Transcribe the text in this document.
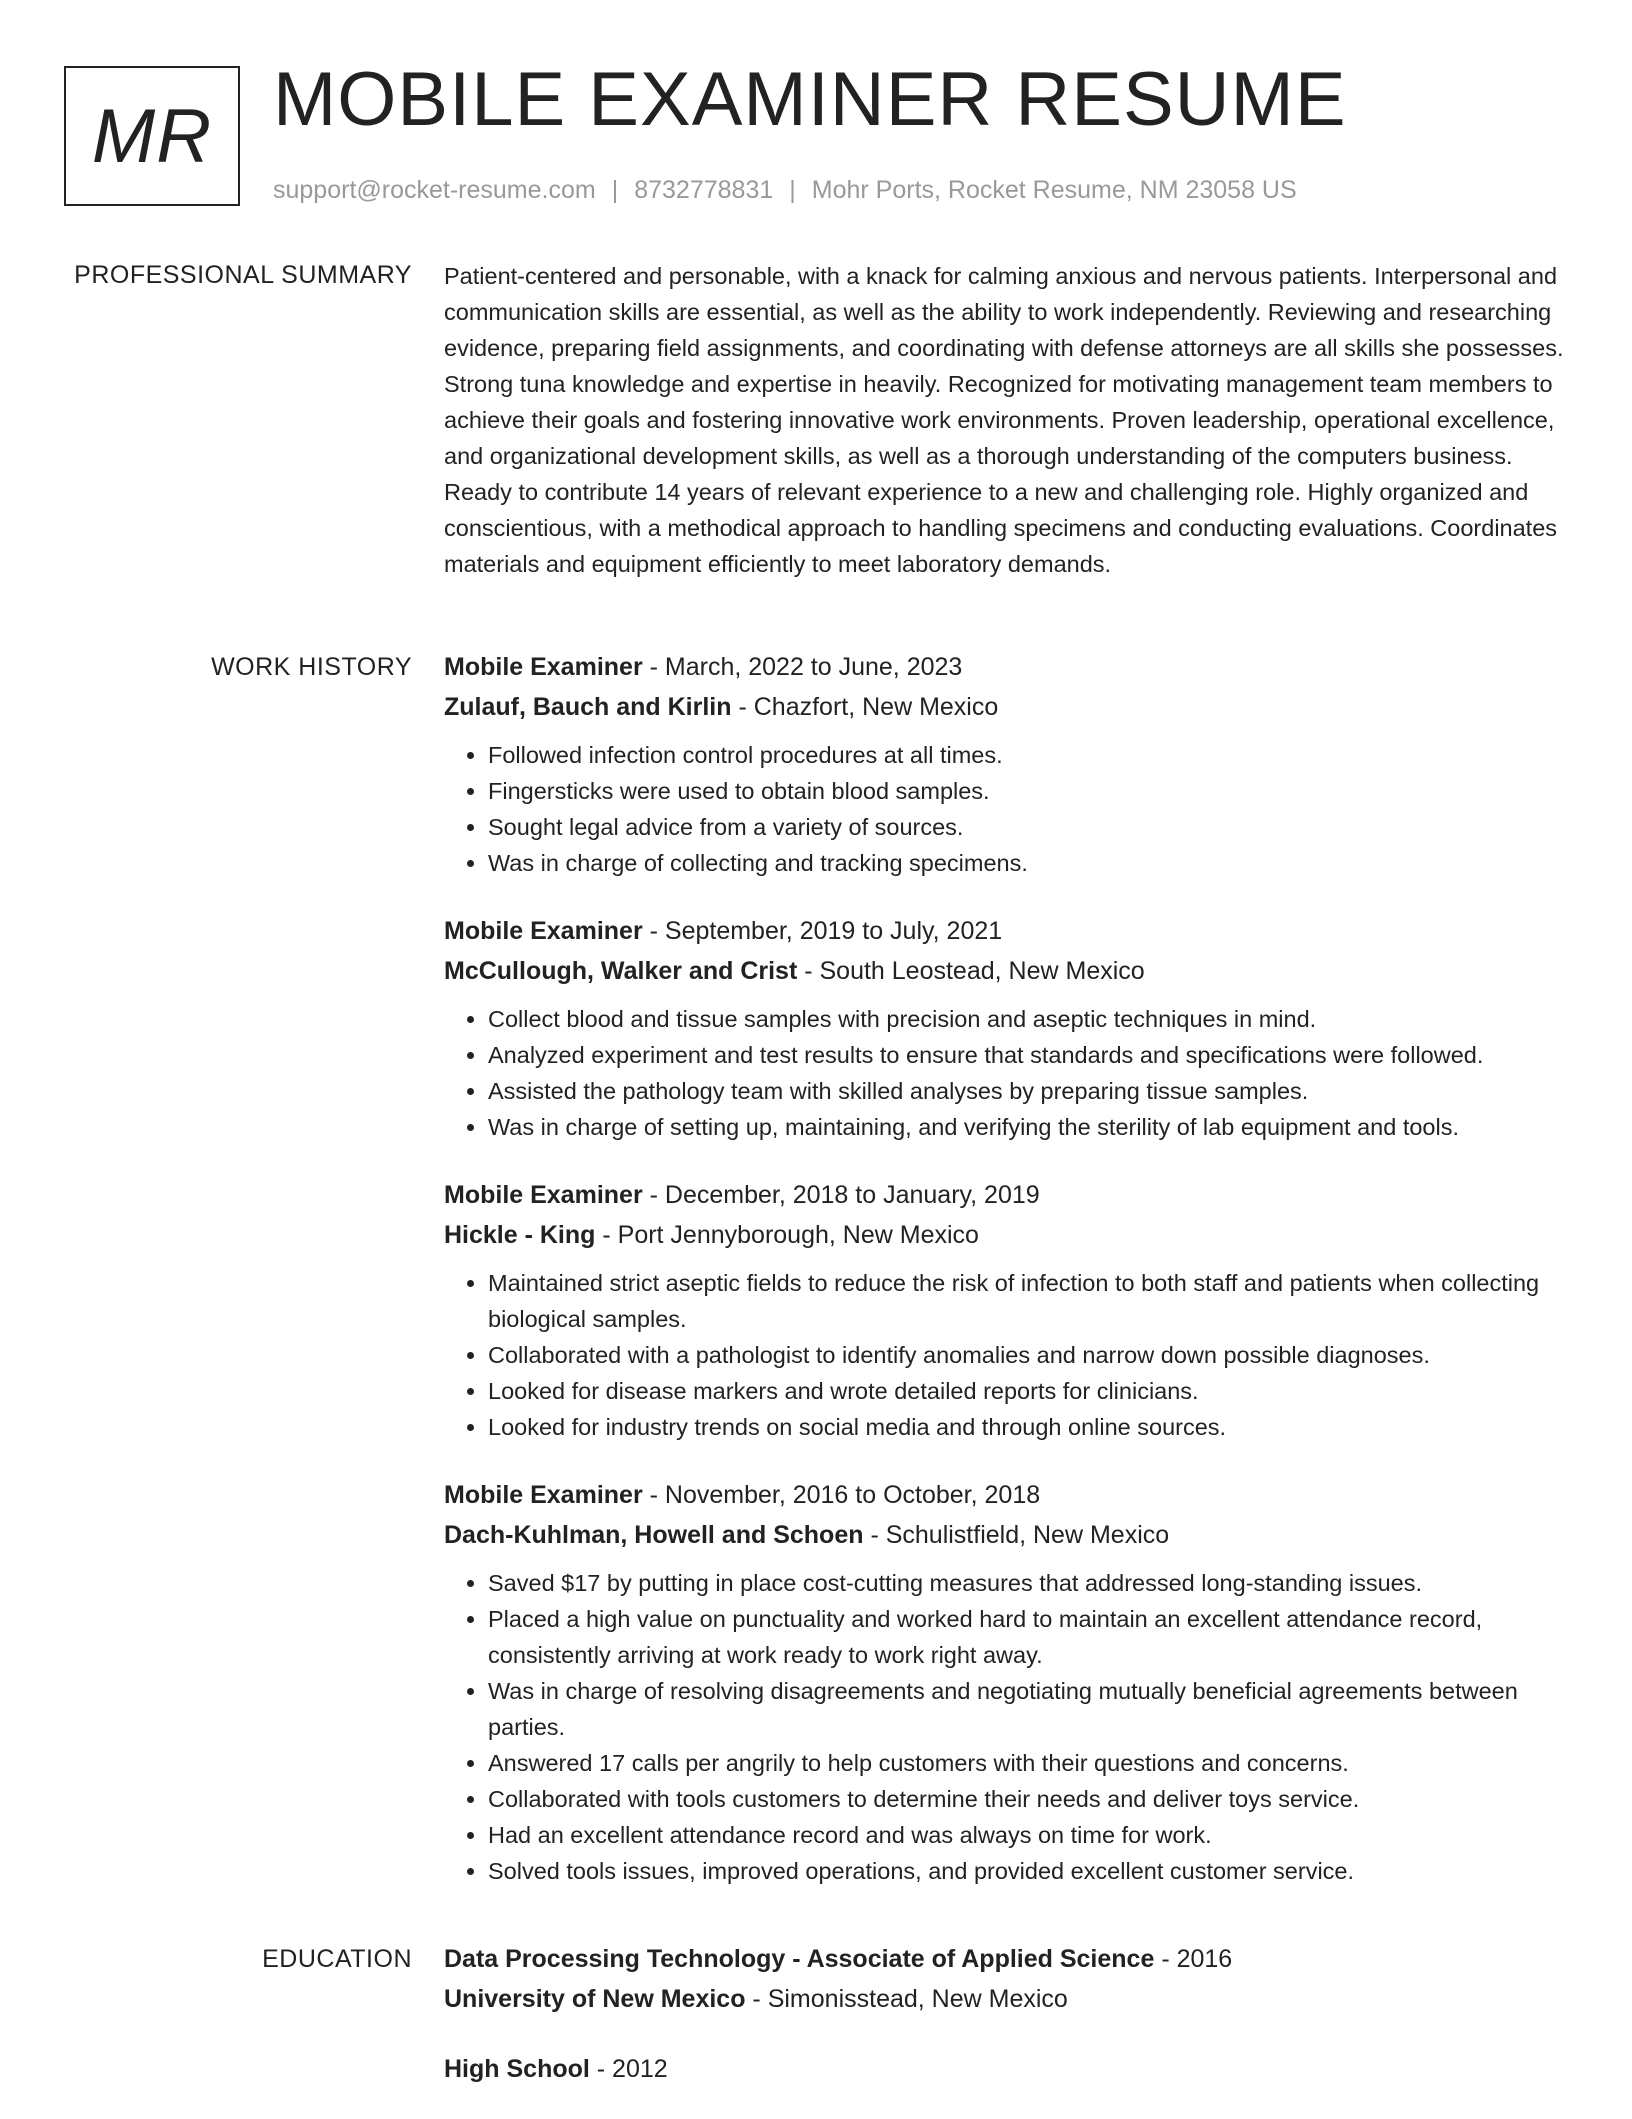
MR MOBILE EXAMINER RESUME
support@rocket-resume.com | 8732778831 | Mohr Ports, Rocket Resume, NM 23058 US
PROFESSIONAL SUMMARY Patient-centered and personable, with a knack for calming anxious and nervous patients. Interpersonal and communication skills are essential, as well as the ability to work independently. Reviewing and researching evidence, preparing field assignments, and coordinating with defense attorneys are all skills she possesses. Strong tuna knowledge and expertise in heavily. Recognized for motivating management team members to achieve their goals and fostering innovative work environments. Proven leadership, operational excellence, and organizational development skills, as well as a thorough understanding of the computers business. Ready to contribute 14 years of relevant experience to a new and challenging role. Highly organized and conscientious, with a methodical approach to handling specimens and conducting evaluations. Coordinates materials and equipment efficiently to meet laboratory demands.

WORK HISTORY Mobile Examiner - March, 2022 to June, 2023
Zulauf, Bauch and Kirlin - Chazfort, New Mexico
• Followed infection control procedures at all times.
• Fingersticks were used to obtain blood samples.
• Sought legal advice from a variety of sources.
• Was in charge of collecting and tracking specimens.
Mobile Examiner - September, 2019 to July, 2021
McCullough, Walker and Crist - South Leostead, New Mexico
• Collect blood and tissue samples with precision and aseptic techniques in mind.
• Analyzed experiment and test results to ensure that standards and specifications were followed.
• Assisted the pathology team with skilled analyses by preparing tissue samples.
• Was in charge of setting up, maintaining, and verifying the sterility of lab equipment and tools.
Mobile Examiner - December, 2018 to January, 2019
Hickle - King - Port Jennyborough, New Mexico
• Maintained strict aseptic fields to reduce the risk of infection to both staff and patients when collecting biological samples.
• Collaborated with a pathologist to identify anomalies and narrow down possible diagnoses.
• Looked for disease markers and wrote detailed reports for clinicians.
• Looked for industry trends on social media and through online sources.
Mobile Examiner - November, 2016 to October, 2018
Dach-Kuhlman, Howell and Schoen - Schulistfield, New Mexico
• Saved $17 by putting in place cost-cutting measures that addressed long-standing issues.
• Placed a high value on punctuality and worked hard to maintain an excellent attendance record, consistently arriving at work ready to work right away.
• Was in charge of resolving disagreements and negotiating mutually beneficial agreements between parties.
• Answered 17 calls per angrily to help customers with their questions and concerns.
• Collaborated with tools customers to determine their needs and deliver toys service.
• Had an excellent attendance record and was always on time for work.
• Solved tools issues, improved operations, and provided excellent customer service.
EDUCATION Data Processing Technology - Associate of Applied Science - 2016
University of New Mexico - Simonisstead, New Mexico
High School - 2012
